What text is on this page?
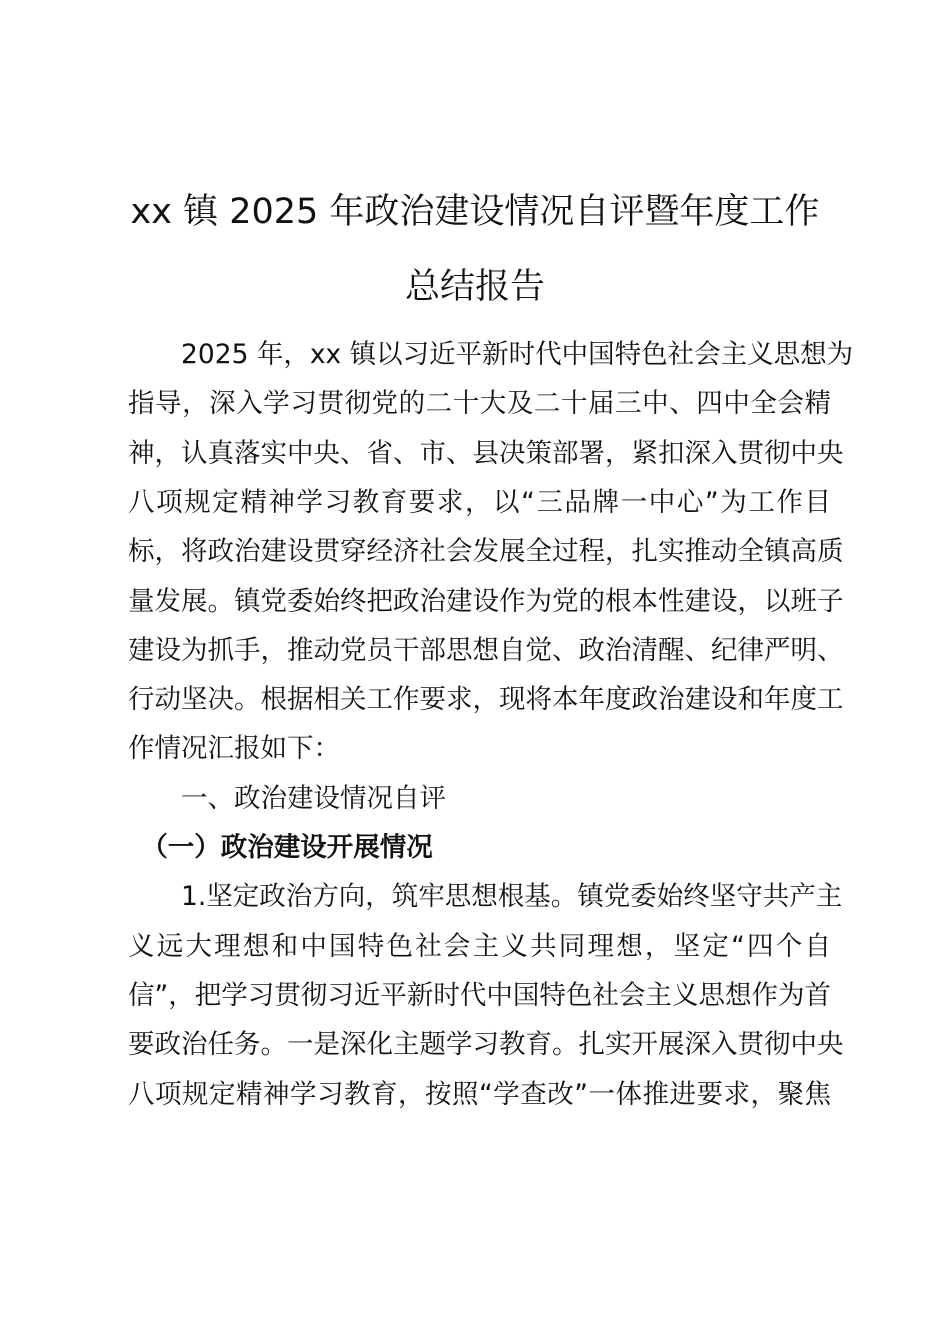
xx 镇 2025 年政治建设情况自评暨年度工作
总结报告
　　2025 年，xx 镇以习近平新时代中国特色社会主义思想为
指导，深入学习贯彻党的二十大及二十届三中、四中全会精
神，认真落实中央、省、市、县决策部署，紧扣深入贯彻中央
八项规定精神学习教育要求，以“三品牌一中心”为工作目
标，将政治建设贯穿经济社会发展全过程，扎实推动全镇高质
量发展。镇党委始终把政治建设作为党的根本性建设，以班子
建设为抓手，推动党员干部思想自觉、政治清醒、纪律严明、
行动坚决。根据相关工作要求，现将本年度政治建设和年度工
作情况汇报如下：
　　一、政治建设情况自评
　（一）政治建设开展情况
　　1.坚定政治方向，筑牢思想根基。镇党委始终坚守共产主
义远大理想和中国特色社会主义共同理想，坚定“四个自
信”，把学习贯彻习近平新时代中国特色社会主义思想作为首
要政治任务。一是深化主题学习教育。扎实开展深入贯彻中央
八项规定精神学习教育，按照“学查改”一体推进要求，聚焦
